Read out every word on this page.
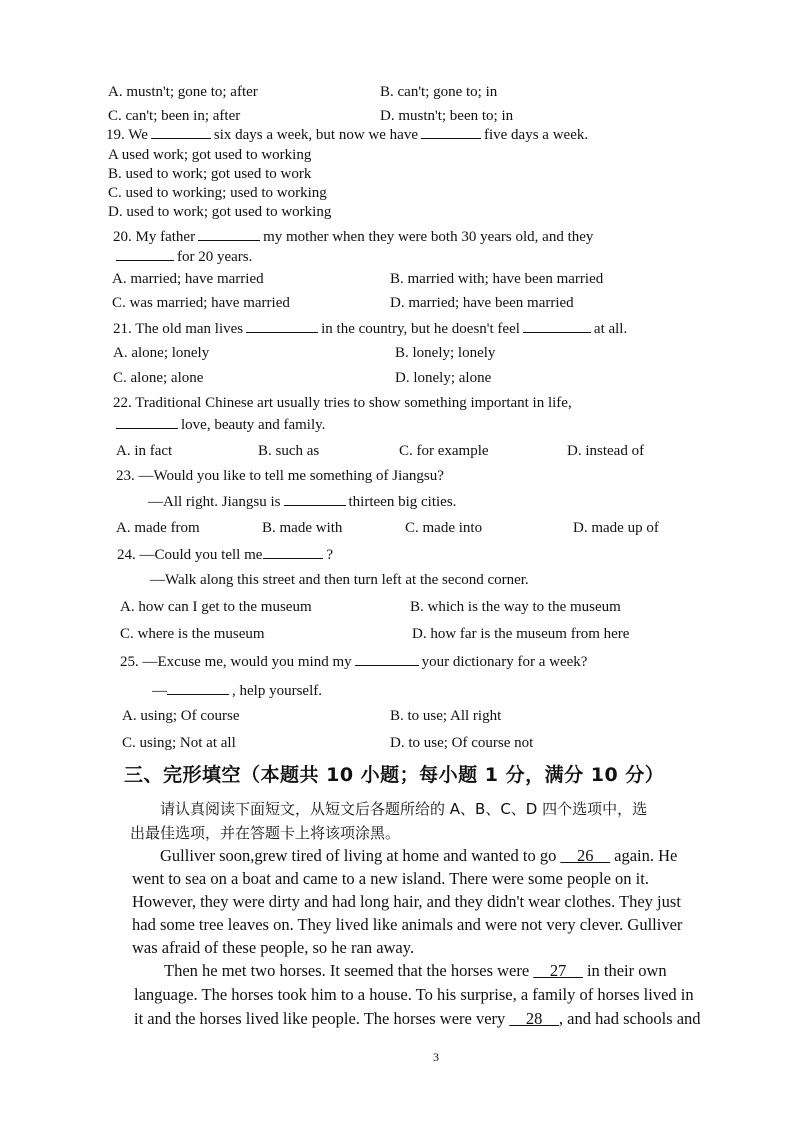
A. mustn't; gone to; after	B. can't; gone to; in
C. can't; been in; after	D. mustn't; been to; in
19. We	six days a week, but now we have	five days a week.
A used work; got used to working
B. used to work; got used to work
C. used to working; used to working
D. used to work; got used to working
20. My father	my mother when they were both 30 years old, and they
for 20 years.
A. married; have married	B. married with; have been married
C. was married; have married	D. married; have been married
21. The old man lives	in the country, but he doesn't feel	at all.
A. alone; lonely	B. lonely; lonely
C. alone; alone	D. lonely; alone
22. Traditional Chinese art usually tries to show something important in life,
love, beauty and family.
A. in fact	B. such as	C. for example	D. instead of
23. —Would you like to tell me something of Jiangsu?
—All right. Jiangsu is	thirteen big cities.
A. made from	B. made with	C. made into	D. made up of
24. —Could you tell me	?
—Walk along this street and then turn left at the second corner.
A. how can I get to the museum	B. which is the way to the museum
C. where is the museum	D. how far is the museum from here
25. —Excuse me, would you mind my	your dictionary for a week?
—	, help yourself.
A. using; Of course	B. to use; All right
C. using; Not at all	D. to use; Of course not
三、完形填空（本题共 10 小题；每小题 1 分，满分 10 分）
请认真阅读下面短文，从短文后各题所给的 A、B、C、D 四个选项中，选
出最佳选项，并在答题卡上将该项涂黑。
Gulliver soon,grew tired of living at home and wanted to go __26__ again. He
went to sea on a boat and came to a new island. There were some people on it.
However, they were dirty and had long hair, and they didn't wear clothes. They just
had some tree leaves on. They lived like animals and were not very clever. Gulliver
was afraid of these people, so he ran away.
Then he met two horses. It seemed that the horses were __27__ in their own
language. The horses took him to a house. To his surprise, a family of horses lived in
it and the horses lived like people. The horses were very __28__, and had schools and
3
